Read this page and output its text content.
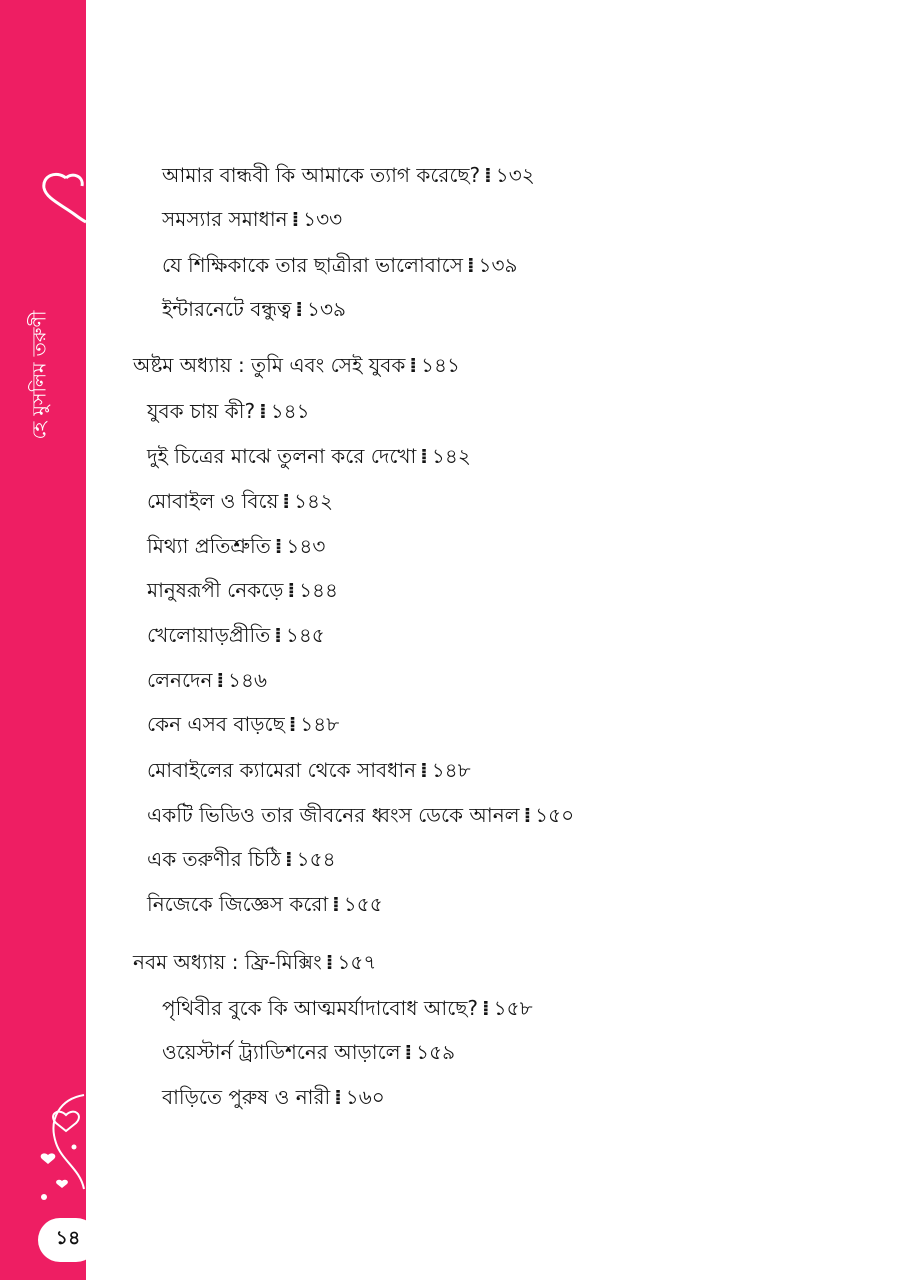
হে মুসলিম তরুণী
১৪
আমার বান্ধবী কি আমাকে ত্যাগ করেছে? ⁞ ১৩২
সমস্যার সমাধান ⁞ ১৩৩
যে শিক্ষিকাকে তার ছাত্রীরা ভালোবাসে ⁞ ১৩৯
ইন্টারনেটে বন্ধুত্ব ⁞ ১৩৯
অষ্টম অধ্যায় : তুমি এবং সেই যুবক ⁞ ১৪১
যুবক চায় কী? ⁞ ১৪১
দুই চিত্রের মাঝে তুলনা করে দেখো ⁞ ১৪২
মোবাইল ও বিয়ে ⁞ ১৪২
মিথ্যা প্রতিশ্রুতি ⁞ ১৪৩
মানুষরূপী নেকড়ে ⁞ ১৪৪
খেলোয়াড়প্রীতি ⁞ ১৪৫
লেনদেন ⁞ ১৪৬
কেন এসব বাড়ছে ⁞ ১৪৮
মোবাইলের ক্যামেরা থেকে সাবধান ⁞ ১৪৮
একটি ভিডিও তার জীবনের ধ্বংস ডেকে আনল ⁞ ১৫০
এক তরুণীর চিঠি ⁞ ১৫৪
নিজেকে জিজ্ঞেস করো ⁞ ১৫৫
নবম অধ্যায় : ফ্রি-মিক্সিং ⁞ ১৫৭
পৃথিবীর বুকে কি আত্মমর্যাদাবোধ আছে? ⁞ ১৫৮
ওয়েস্টার্ন ট্র্যাডিশনের আড়ালে ⁞ ১৫৯
বাড়িতে পুরুষ ও নারী ⁞ ১৬০
